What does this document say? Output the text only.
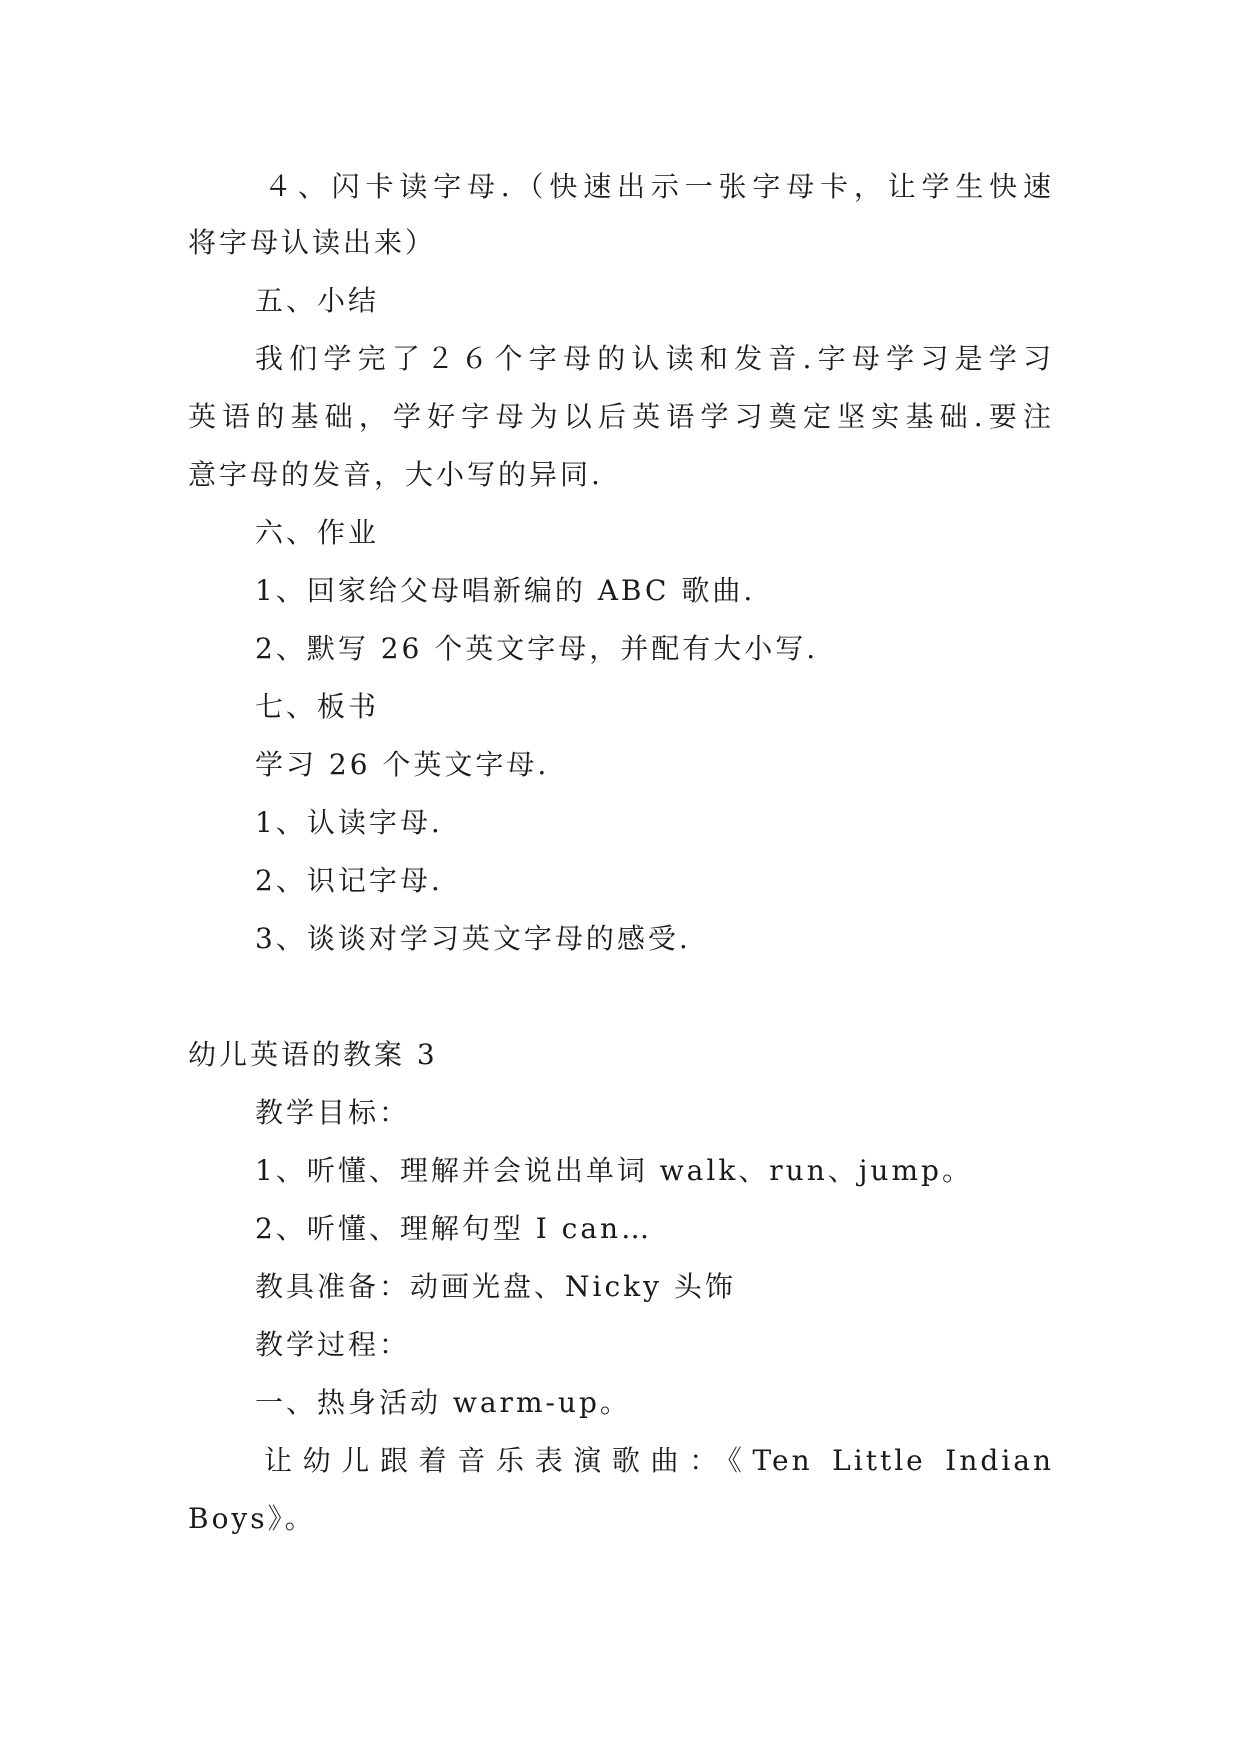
４、闪卡读字母.（快速出示一张字母卡，让学生快速
将字母认读出来）
五、小结
我们学完了２６个字母的认读和发音.字母学习是学习
英语的基础，学好字母为以后英语学习奠定坚实基础.要注
意字母的发音，大小写的异同.
六、作业
1、回家给父母唱新编的 ABC 歌曲.
2、默写 26 个英文字母，并配有大小写.
七、板书
学习 26 个英文字母.
1、认读字母.
2、识记字母.
3、谈谈对学习英文字母的感受.
幼儿英语的教案 3
教学目标：
1、听懂、理解并会说出单词 walk、run、jump。
2、听懂、理解句型 I can…
教具准备：动画光盘、Nicky 头饰
教学过程：
一、热身活动 warm-up。
让幼儿跟着音乐表演歌曲：《Ten Little Indian
Boys》。
